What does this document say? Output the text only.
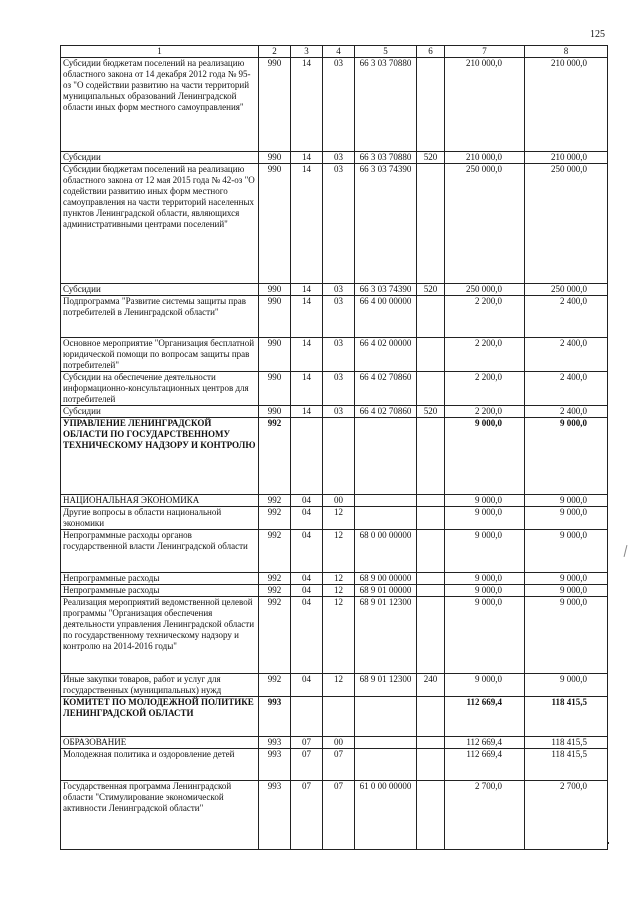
125
1	2	3	4	5	6	7	8
Субсидии бюджетам поселений на реализацию областного закона от 14 декабря 2012 года № 95-оз "О содействии развитию на части территорий муниципальных образований Ленинградской области иных форм местного самоуправления"	990	14	03	66 3 03 70880		210 000,0	210 000,0
Субсидии	990	14	03	66 3 03 70880	520	210 000,0	210 000,0
Субсидии бюджетам поселений на реализацию областного закона от 12 мая 2015 года № 42-оз "О содействии развитию иных форм местного самоуправления на части территорий населенных пунктов Ленинградской области, являющихся административными центрами поселений"	990	14	03	66 3 03 74390		250 000,0	250 000,0
Субсидии	990	14	03	66 3 03 74390	520	250 000,0	250 000,0
Подпрограмма "Развитие системы защиты прав потребителей в Ленинградской области"	990	14	03	66 4 00 00000		2 200,0	2 400,0
Основное мероприятие "Организация бесплатной юридической помощи по вопросам защиты прав потребителей"	990	14	03	66 4 02 00000		2 200,0	2 400,0
Субсидии на обеспечение деятельности информационно-консультационных центров для потребителей	990	14	03	66 4 02 70860		2 200,0	2 400,0
Субсидии	990	14	03	66 4 02 70860	520	2 200,0	2 400,0
УПРАВЛЕНИЕ ЛЕНИНГРАДСКОЙ ОБЛАСТИ ПО ГОСУДАРСТВЕННОМУ ТЕХНИЧЕСКОМУ НАДЗОРУ И КОНТРОЛЮ	992					9 000,0	9 000,0
НАЦИОНАЛЬНАЯ ЭКОНОМИКА	992	04	00			9 000,0	9 000,0
Другие вопросы в области национальной экономики	992	04	12			9 000,0	9 000,0
Непрограммные расходы органов государственной власти Ленинградской области	992	04	12	68 0 00 00000		9 000,0	9 000,0
Непрограммные расходы	992	04	12	68 9 00 00000		9 000,0	9 000,0
Непрограммные расходы	992	04	12	68 9 01 00000		9 000,0	9 000,0
Реализация мероприятий ведомственной целевой программы "Организация обеспечения деятельности управления Ленинградской области по государственному техническому надзору и контролю на 2014-2016 годы"	992	04	12	68 9 01 12300		9 000,0	9 000,0
Иные закупки товаров, работ и услуг для государственных (муниципальных) нужд	992	04	12	68 9 01 12300	240	9 000,0	9 000,0
КОМИТЕТ ПО МОЛОДЕЖНОЙ ПОЛИТИКЕ ЛЕНИНГРАДСКОЙ ОБЛАСТИ	993					112 669,4	118 415,5
ОБРАЗОВАНИЕ	993	07	00			112 669,4	118 415,5
Молодежная политика и оздоровление детей	993	07	07			112 669,4	118 415,5
Государственная программа Ленинградской области "Стимулирование экономической активности Ленинградской области"	993	07	07	61 0 00 00000		2 700,0	2 700,0
